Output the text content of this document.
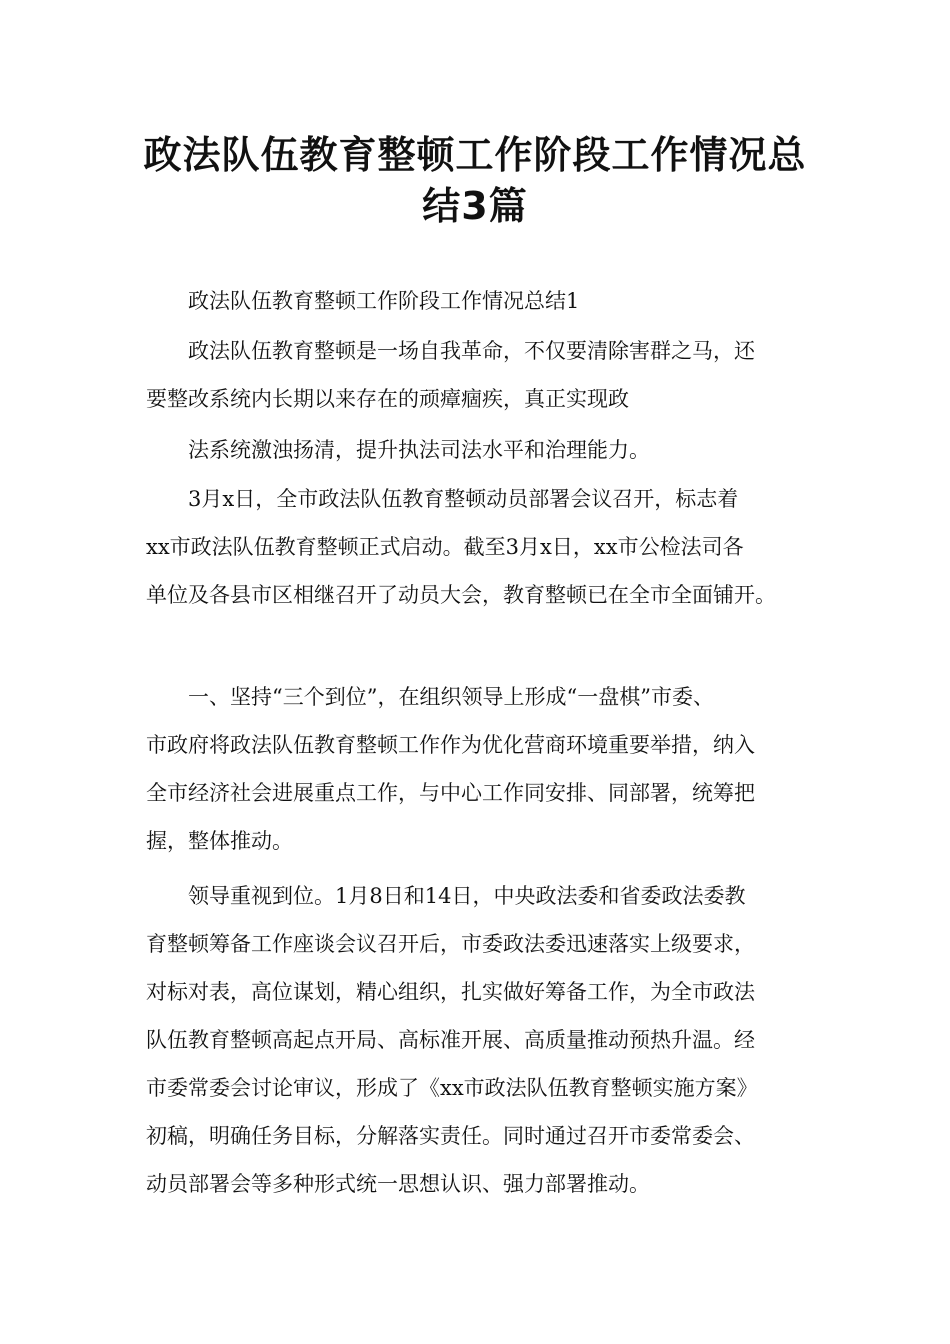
政法队伍教育整顿工作阶段工作情况总
结3篇

政法队伍教育整顿工作阶段工作情况总结1

政法队伍教育整顿是一场自我革命，不仅要清除害群之马，还
要整改系统内长期以来存在的顽瘴痼疾，真正实现政

法系统激浊扬清，提升执法司法水平和治理能力。

3月x日，全市政法队伍教育整顿动员部署会议召开，标志着
xx市政法队伍教育整顿正式启动。截至3月x日，xx市公检法司各
单位及各县市区相继召开了动员大会，教育整顿已在全市全面铺开。

一、坚持“三个到位”，在组织领导上形成“一盘棋”市委、
市政府将政法队伍教育整顿工作作为优化营商环境重要举措，纳入
全市经济社会进展重点工作，与中心工作同安排、同部署，统筹把
握，整体推动。

领导重视到位。1月8日和14日，中央政法委和省委政法委教
育整顿筹备工作座谈会议召开后，市委政法委迅速落实上级要求，
对标对表，高位谋划，精心组织，扎实做好筹备工作，为全市政法
队伍教育整顿高起点开局、高标准开展、高质量推动预热升温。经
市委常委会讨论审议，形成了《xx市政法队伍教育整顿实施方案》
初稿，明确任务目标，分解落实责任。同时通过召开市委常委会、
动员部署会等多种形式统一思想认识、强力部署推动。
